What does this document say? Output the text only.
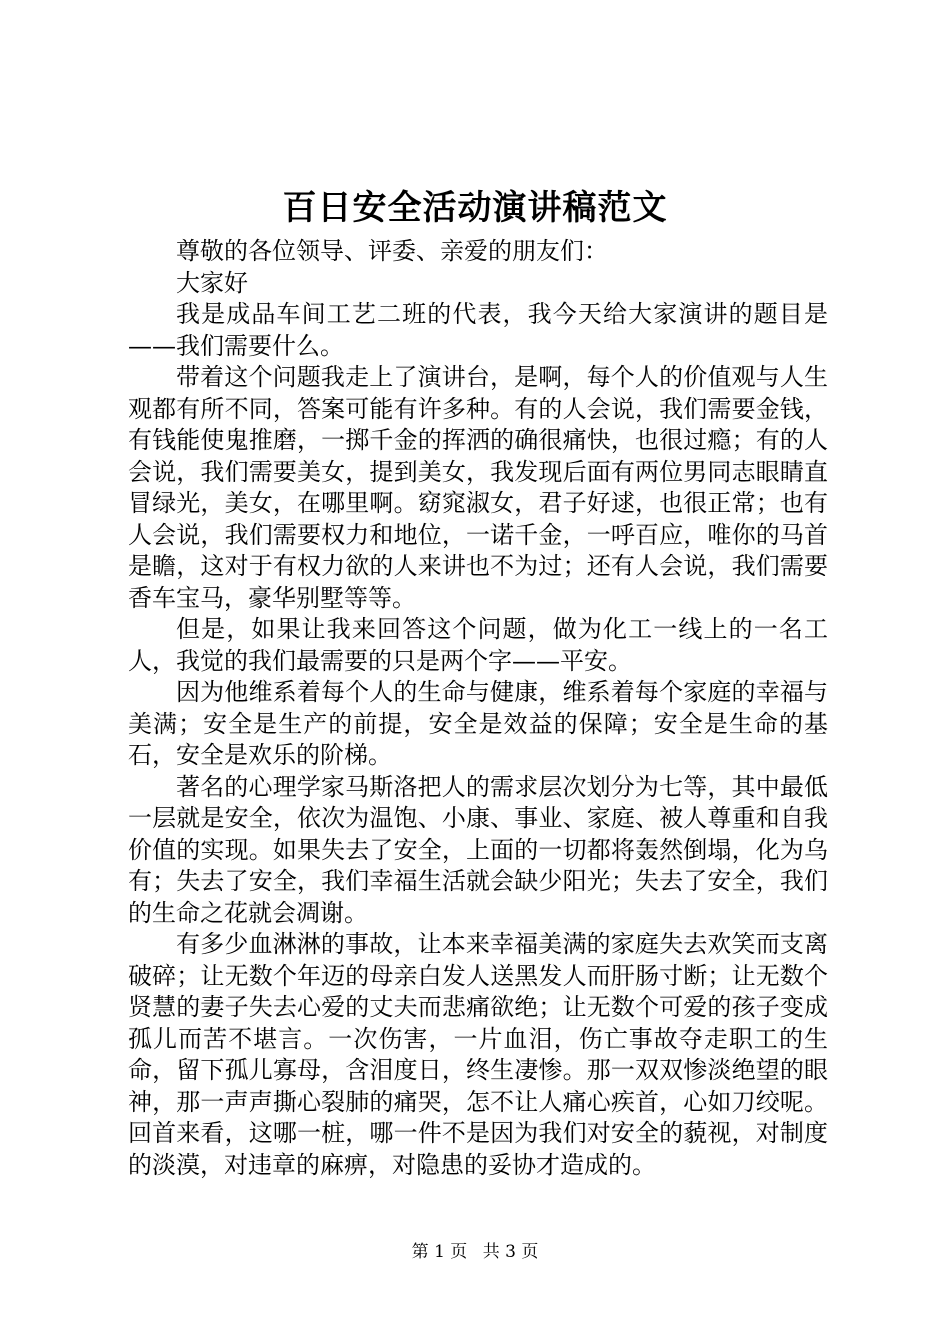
百日安全活动演讲稿范文

尊敬的各位领导、评委、亲爱的朋友们：

大家好

我是成品车间工艺二班的代表，我今天给大家演讲的题目是——我们需要什么。

带着这个问题我走上了演讲台，是啊，每个人的价值观与人生观都有所不同，答案可能有许多种。有的人会说，我们需要金钱，有钱能使鬼推磨，一掷千金的挥洒的确很痛快，也很过瘾；有的人会说，我们需要美女，提到美女，我发现后面有两位男同志眼睛直冒绿光，美女，在哪里啊。窈窕淑女，君子好逑，也很正常；也有人会说，我们需要权力和地位，一诺千金，一呼百应，唯你的马首是瞻，这对于有权力欲的人来讲也不为过；还有人会说，我们需要香车宝马，豪华别墅等等。

但是，如果让我来回答这个问题，做为化工一线上的一名工人，我觉的我们最需要的只是两个字——平安。

因为他维系着每个人的生命与健康，维系着每个家庭的幸福与美满；安全是生产的前提，安全是效益的保障；安全是生命的基石，安全是欢乐的阶梯。

著名的心理学家马斯洛把人的需求层次划分为七等，其中最低一层就是安全，依次为温饱、小康、事业、家庭、被人尊重和自我价值的实现。如果失去了安全，上面的一切都将轰然倒塌，化为乌有；失去了安全，我们幸福生活就会缺少阳光；失去了安全，我们的生命之花就会凋谢。

有多少血淋淋的事故，让本来幸福美满的家庭失去欢笑而支离破碎；让无数个年迈的母亲白发人送黑发人而肝肠寸断；让无数个贤慧的妻子失去心爱的丈夫而悲痛欲绝；让无数个可爱的孩子变成孤儿而苦不堪言。一次伤害，一片血泪，伤亡事故夺走职工的生命，留下孤儿寡母，含泪度日，终生凄惨。那一双双惨淡绝望的眼神，那一声声撕心裂肺的痛哭，怎不让人痛心疾首，心如刀绞呢。回首来看，这哪一桩，哪一件不是因为我们对安全的藐视，对制度的淡漠，对违章的麻痹，对隐患的妥协才造成的。

第 1 页 共 3 页
